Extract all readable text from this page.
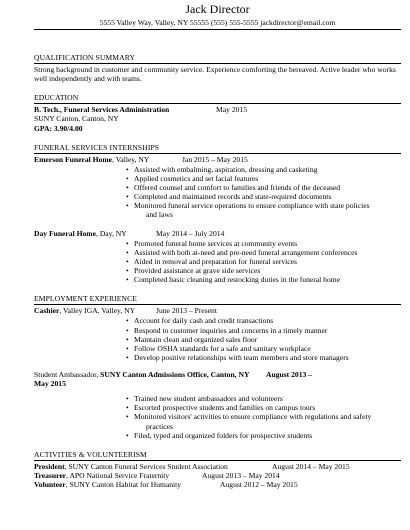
Jack Director
5555 Valley Way, Valley, NY 55555 (555) 555-5555 jackdirector@email.com
QUALIFICATION SUMMARY

Strong background in customer and community service. Experience comforting the bereaved. Active leader who works well independently and with teams.

EDUCATION
B. Tech., Funeral Services Administration	May 2015
SUNY Canton, Canton, NY
GPA: 3.90/4.00
FUNERAL SERVICES INTERNSHIPS
Emerson Funeral Home, Valley, NY	Jan 2015 – May 2015
• Assisted with embalming, aspiration, dressing and casketing
• Applied cosmetics and set facial features
• Offered counsel and comfort to families and friends of the deceased
• Completed and maintained records and state-required documents
• Monitored funeral service operations to ensure compliance with state policies
and laws
Day Funeral Home, Day, NY	May 2014 – July 2014
• Promoted funeral home services at community events
• Assisted with both at-need and pre-need funeral arrangement conferences
• Aided in removal and preparation for funeral services
• Provided assistance at grave side services
• Completed basic cleaning and restocking duties in the funeral home
EMPLOYMENT EXPERIENCE
Cashier, Valley IGA, Valley, NY	June 2013 – Present
• Account for daily cash and credit transactions
• Respond to customer inquiries and concerns in a timely manner
• Maintain clean and organized sales floor
• Follow OSHA standards for a safe and sanitary workplace
• Develop positive relationships with team members and store managers
Student Ambassador, SUNY Canton Admissions Office, Canton, NY	August 2013 –
May 2015
• Trained new student ambassadors and volunteers
• Escorted prospective students and families on campus tours
• Monitored visitors' activities to ensure compliance with regulations and safety
practices
• Filed, typed and organized folders for prospective students
ACTIVITIES & VOLUNTEERISM
President, SUNY Canton Funeral Services Student Association	August 2014 – May 2015
Treasurer, APO National Service Fraternity	August 2013 – May 2014
Volunteer, SUNY Canton Habitat for Humanity	August 2012 – May 2015
